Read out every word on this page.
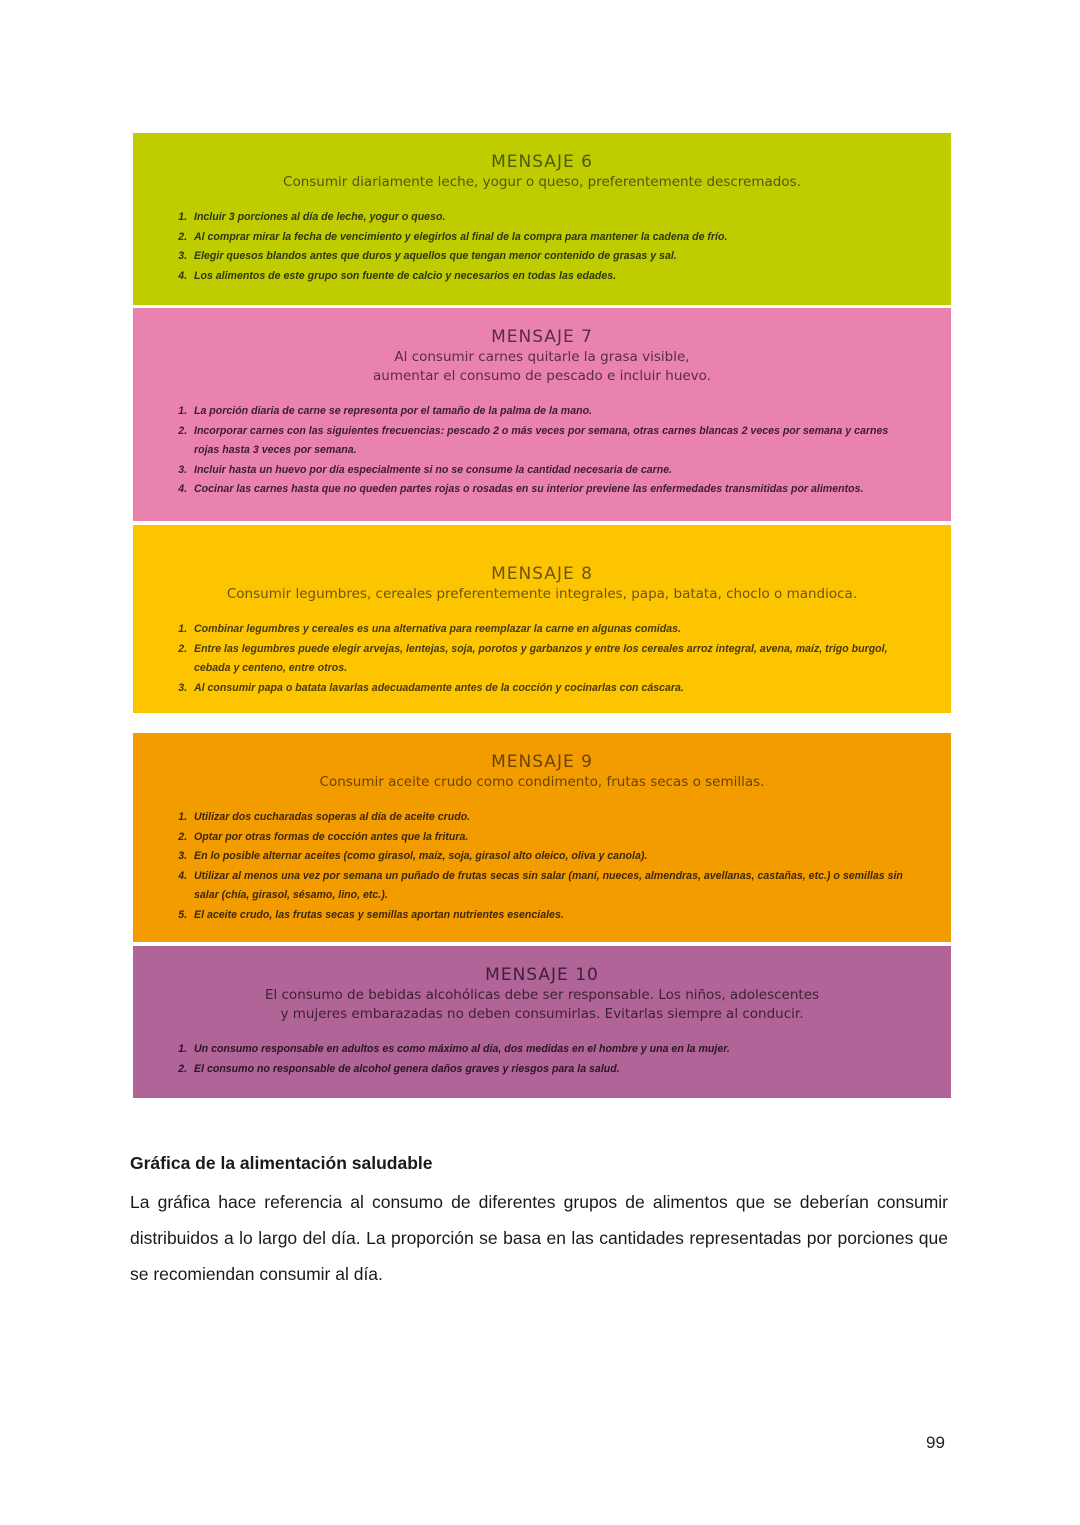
MENSAJE 6
Consumir diariamente leche, yogur o queso, preferentemente descremados.
1. Incluir 3 porciones al día de leche, yogur o queso.
2. Al comprar mirar la fecha de vencimiento y elegirlos al final de la compra para mantener la cadena de frío.
3. Elegir quesos blandos antes que duros y aquellos que tengan menor contenido de grasas y sal.
4. Los alimentos de este grupo son fuente de calcio y necesarios en todas las edades.
MENSAJE 7
Al consumir carnes quitarle la grasa visible,
aumentar el consumo de pescado e incluir huevo.
1. La porción diaria de carne se representa por el tamaño de la palma de la mano.
2. Incorporar carnes con las siguientes frecuencias: pescado 2 o más veces por semana, otras carnes blancas 2 veces por semana y carnes rojas hasta 3 veces por semana.
3. Incluir hasta un huevo por día especialmente si no se consume la cantidad necesaria de carne.
4. Cocinar las carnes hasta que no queden partes rojas o rosadas en su interior previene las enfermedades transmitidas por alimentos.
MENSAJE 8
Consumir legumbres, cereales preferentemente integrales, papa, batata, choclo o mandioca.
1. Combinar legumbres y cereales es una alternativa para reemplazar la carne en algunas comidas.
2. Entre las legumbres puede elegir arvejas, lentejas, soja, porotos y garbanzos y entre los cereales arroz integral, avena, maíz, trigo burgol, cebada y centeno, entre otros.
3. Al consumir papa o batata lavarlas adecuadamente antes de la cocción y cocinarlas con cáscara.
MENSAJE 9
Consumir aceite crudo como condimento, frutas secas o semillas.
1. Utilizar dos cucharadas soperas al día de aceite crudo.
2. Optar por otras formas de cocción antes que la fritura.
3. En lo posible alternar aceites (como girasol, maíz, soja, girasol alto oleico, oliva y canola).
4. Utilizar al menos una vez por semana un puñado de frutas secas sin salar (maní, nueces, almendras, avellanas, castañas, etc.) o semillas sin salar (chía, girasol, sésamo, lino, etc.).
5. El aceite crudo, las frutas secas y semillas aportan nutrientes esenciales.
MENSAJE 10
El consumo de bebidas alcohólicas debe ser responsable. Los niños, adolescentes
y mujeres embarazadas no deben consumirlas. Evitarlas siempre al conducir.
1. Un consumo responsable en adultos es como máximo al día, dos medidas en el hombre y una en la mujer.
2. El consumo no responsable de alcohol genera daños graves y riesgos para la salud.
Gráfica de la alimentación saludable

La gráfica hace referencia al consumo de diferentes grupos de alimentos que se deberían consumir distribuidos a lo largo del día. La proporción se basa en las cantidades representadas por porciones que se recomiendan consumir al día.

99
